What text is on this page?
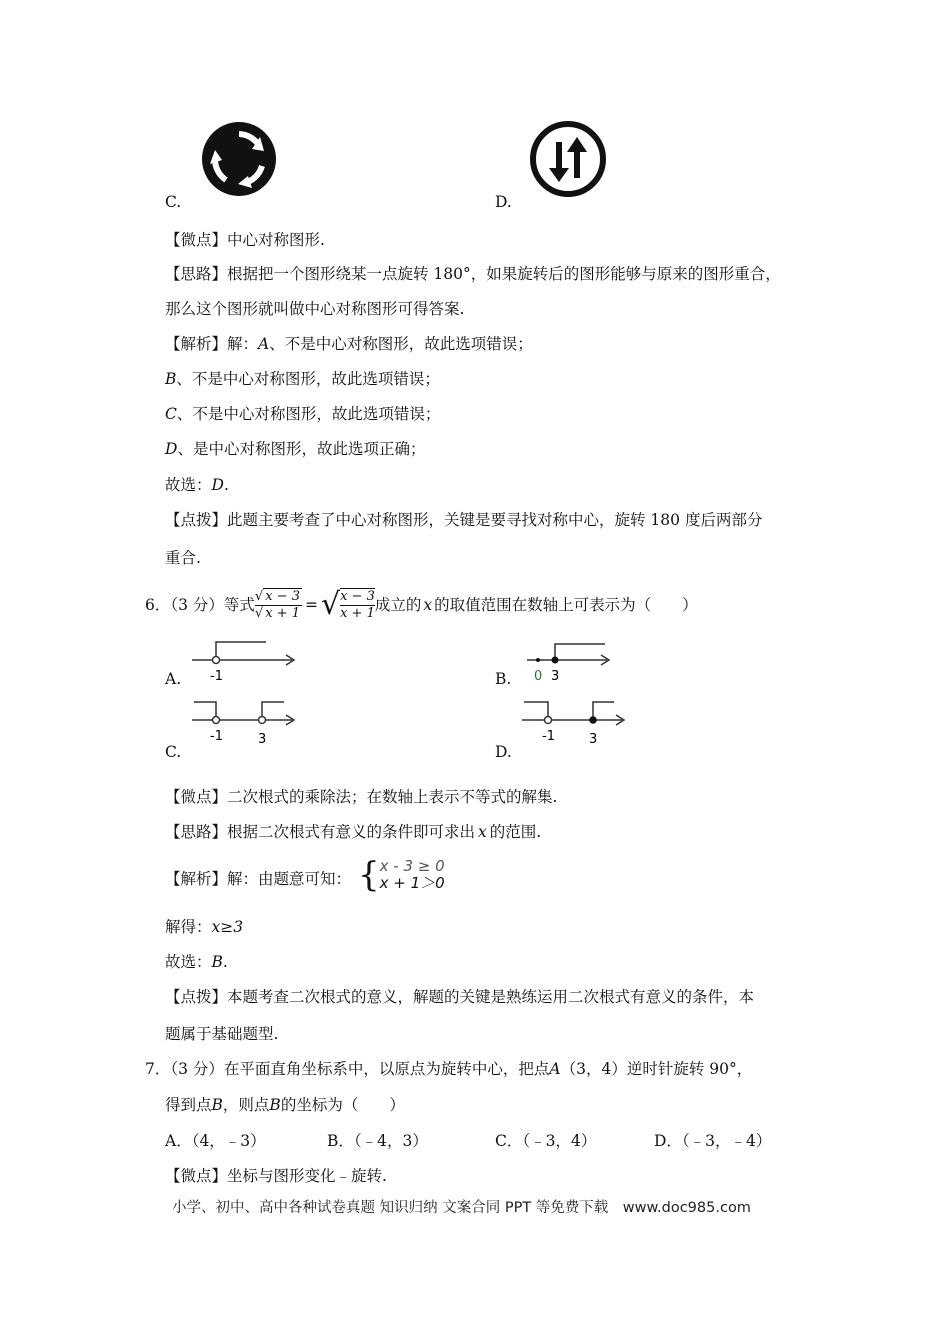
C.	D.
【微点】中心对称图形.
【思路】根据把一个图形绕某一点旋转 180°，如果旋转后的图形能够与原来的图形重合，
那么这个图形就叫做中心对称图形可得答案.
【解析】解：A、不是中心对称图形，故此选项错误；
B、不是中心对称图形，故此选项错误；
C、不是中心对称图形，故此选项错误；
D、是中心对称图形，故此选项正确；
故选：D.
【点拨】此题主要考查了中心对称图形，关键是要寻找对称中心，旋转 180 度后两部分
重合.
6．（3 分）等式 $\frac{√ x - 3}{√ x + 1}$ = √ $\frac{x - 3}{x + 1}$ 成立的 x 的取值范围在数轴上可表示为（　　）
-1
A.	0 3
B.
-1	3
C.
-1	3
D.
【微点】二次根式的乘除法；在数轴上表示不等式的解集.
【思路】根据二次根式有意义的条件即可求出 x 的范围.
【解析】解：由题意可知： { x - 3 ≥ 0
x + 1＞0
解得：x≥3
故选：B.
【点拨】本题考查二次根式的意义，解题的关键是熟练运用二次根式有意义的条件，本
题属于基础题型.
7．（3 分）在平面直角坐标系中，以原点为旋转中心，把点A（3，4）逆时针旋转 90°，
得到点B，则点B的坐标为（　　）
A．（4，﹣3）	B．（﹣4，3）	C．（﹣3，4）	D．（﹣3，﹣4）
【微点】坐标与图形变化﹣旋转.
小学、初中、高中各种试卷真题 知识归纳 文案合同 PPT 等免费下载　www.doc985.com
